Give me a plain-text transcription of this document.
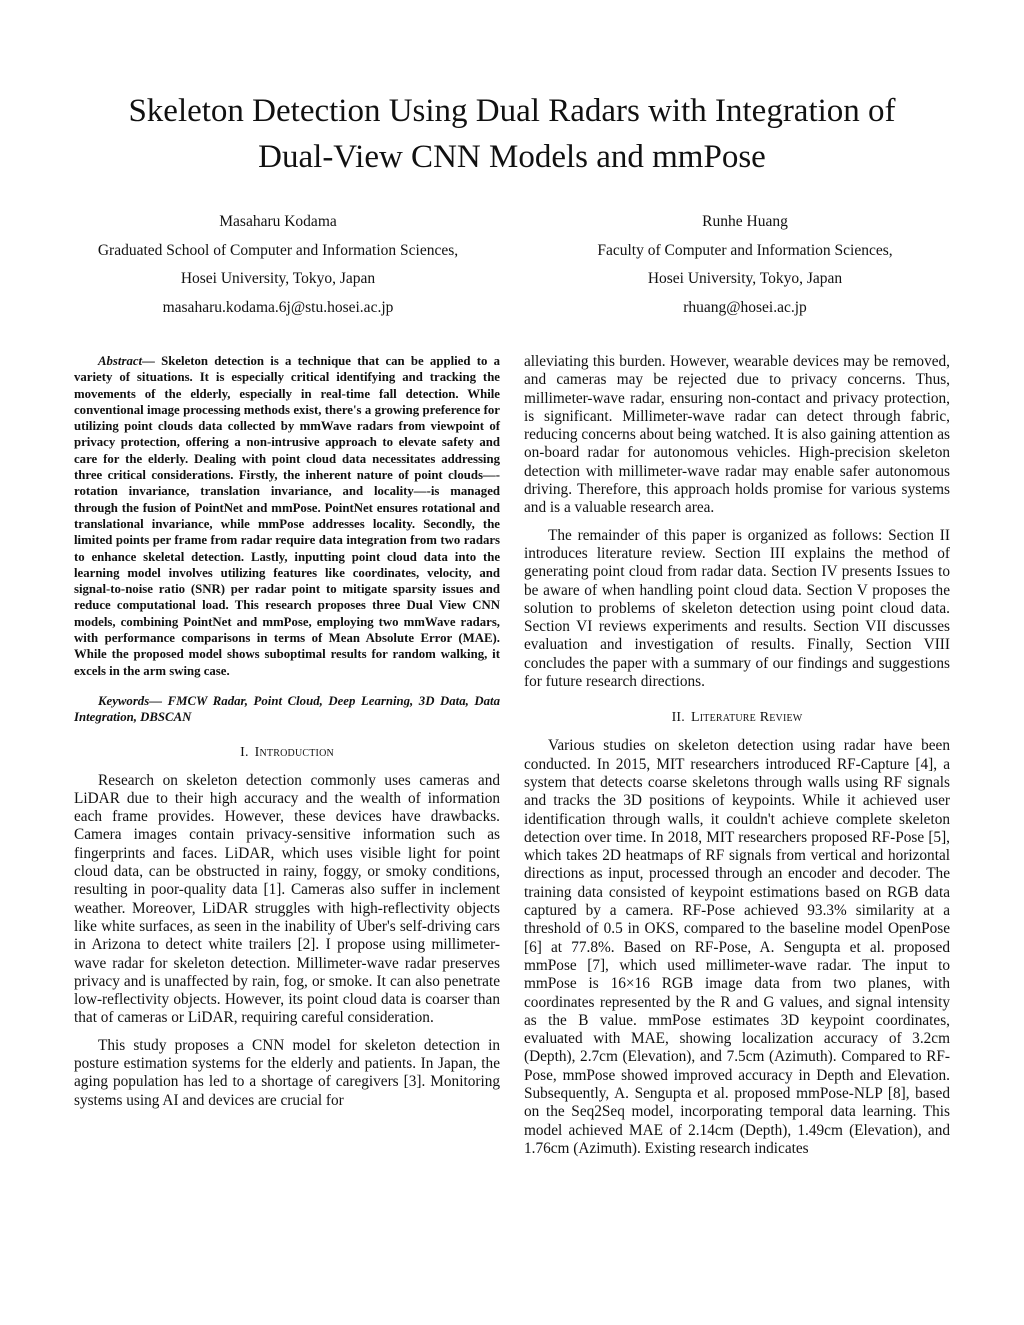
Skeleton Detection Using Dual Radars with Integration of
Dual-View CNN Models and mmPose
Masaharu Kodama
Graduated School of Computer and Information Sciences,
Hosei University, Tokyo, Japan
masaharu.kodama.6j@stu.hosei.ac.jp
Runhe Huang
Faculty of Computer and Information Sciences,
Hosei University, Tokyo, Japan
rhuang@hosei.ac.jp

Abstract— Skeleton detection is a technique that can be applied to a variety of situations. It is especially critical identifying and tracking the movements of the elderly, especially in real-time fall detection. While conventional image processing methods exist, there's a growing preference for utilizing point clouds data collected by mmWave radars from viewpoint of privacy protection, offering a non-intrusive approach to elevate safety and care for the elderly. Dealing with point cloud data necessitates addressing three critical considerations. Firstly, the inherent nature of point clouds—-rotation invariance, translation invariance, and locality—-is managed through the fusion of PointNet and mmPose. PointNet ensures rotational and translational invariance, while mmPose addresses locality. Secondly, the limited points per frame from radar require data integration from two radars to enhance skeletal detection. Lastly, inputting point cloud data into the learning model involves utilizing features like coordinates, velocity, and signal-to-noise ratio (SNR) per radar point to mitigate sparsity issues and reduce computational load. This research proposes three Dual View CNN models, combining PointNet and mmPose, employing two mmWave radars, with performance comparisons in terms of Mean Absolute Error (MAE). While the proposed model shows suboptimal results for random walking, it excels in the arm swing case.

Keywords— FMCW Radar, Point Cloud, Deep Learning, 3D Data, Data Integration, DBSCAN

I. Introduction

Research on skeleton detection commonly uses cameras and LiDAR due to their high accuracy and the wealth of information each frame provides. However, these devices have drawbacks. Camera images contain privacy-sensitive information such as fingerprints and faces. LiDAR, which uses visible light for point cloud data, can be obstructed in rainy, foggy, or smoky conditions, resulting in poor-quality data [1]. Cameras also suffer in inclement weather. Moreover, LiDAR struggles with high-reflectivity objects like white surfaces, as seen in the inability of Uber's self-driving cars in Arizona to detect white trailers [2]. I propose using millimeter-wave radar for skeleton detection. Millimeter-wave radar preserves privacy and is unaffected by rain, fog, or smoke. It can also penetrate low-reflectivity objects. However, its point cloud data is coarser than that of cameras or LiDAR, requiring careful consideration.

This study proposes a CNN model for skeleton detection in posture estimation systems for the elderly and patients. In Japan, the aging population has led to a shortage of caregivers [3]. Monitoring systems using AI and devices are crucial for

alleviating this burden. However, wearable devices may be removed, and cameras may be rejected due to privacy concerns. Thus, millimeter-wave radar, ensuring non-contact and privacy protection, is significant. Millimeter-wave radar can detect through fabric, reducing concerns about being watched. It is also gaining attention as on-board radar for autonomous vehicles. High-precision skeleton detection with millimeter-wave radar may enable safer autonomous driving. Therefore, this approach holds promise for various systems and is a valuable research area.

The remainder of this paper is organized as follows: Section II introduces literature review. Section III explains the method of generating point cloud from radar data. Section IV presents Issues to be aware of when handling point cloud data. Section V proposes the solution to problems of skeleton detection using point cloud data. Section VI reviews experiments and results. Section VII discusses evaluation and investigation of results. Finally, Section VIII concludes the paper with a summary of our findings and suggestions for future research directions.

II. Literature Review

Various studies on skeleton detection using radar have been conducted. In 2015, MIT researchers introduced RF-Capture [4], a system that detects coarse skeletons through walls using RF signals and tracks the 3D positions of keypoints. While it achieved user identification through walls, it couldn't achieve complete skeleton detection over time. In 2018, MIT researchers proposed RF-Pose [5], which takes 2D heatmaps of RF signals from vertical and horizontal directions as input, processed through an encoder and decoder. The training data consisted of keypoint estimations based on RGB data captured by a camera. RF-Pose achieved 93.3% similarity at a threshold of 0.5 in OKS, compared to the baseline model OpenPose [6] at 77.8%. Based on RF-Pose, A. Sengupta et al. proposed mmPose [7], which used millimeter-wave radar. The input to mmPose is 16×16 RGB image data from two planes, with coordinates represented by the R and G values, and signal intensity as the B value. mmPose estimates 3D keypoint coordinates, evaluated with MAE, showing localization accuracy of 3.2cm (Depth), 2.7cm (Elevation), and 7.5cm (Azimuth). Compared to RF-Pose, mmPose showed improved accuracy in Depth and Elevation. Subsequently, A. Sengupta et al. proposed mmPose-NLP [8], based on the Seq2Seq model, incorporating temporal data learning. This model achieved MAE of 2.14cm (Depth), 1.49cm (Elevation), and 1.76cm (Azimuth). Existing research indicates
